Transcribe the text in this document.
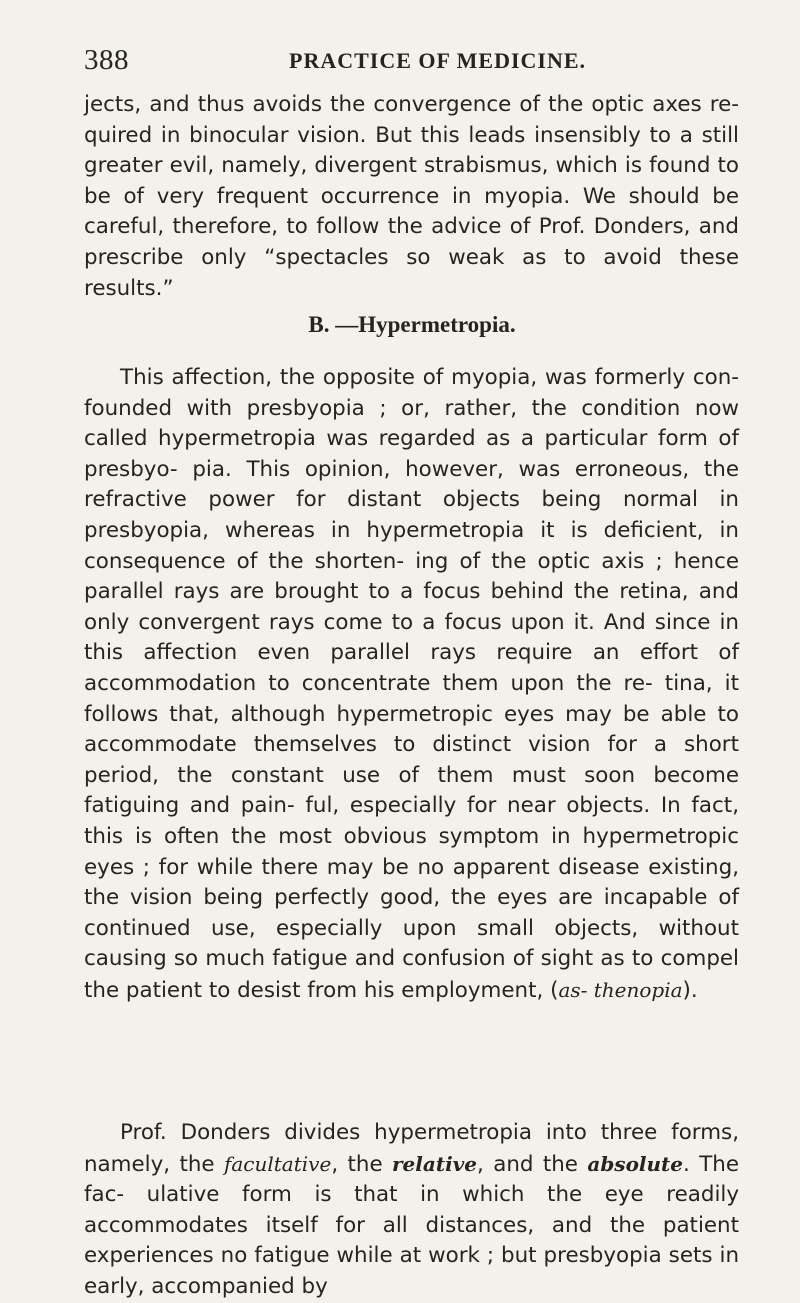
388	PRACTICE OF MEDICINE.

jects, and thus avoids the convergence of the optic axes re- quired in binocular vision. But this leads insensibly to a still greater evil, namely, divergent strabismus, which is found to be of very frequent occurrence in myopia. We should be careful, therefore, to follow the advice of Prof. Donders, and prescribe only “spectacles so weak as to avoid these results.”

B. —Hypermetropia.

This affection, the opposite of myopia, was formerly con- founded with presbyopia ; or, rather, the condition now called hypermetropia was regarded as a particular form of presbyo- pia. This opinion, however, was erroneous, the refractive power for distant objects being normal in presbyopia, whereas in hypermetropia it is deficient, in consequence of the shorten- ing of the optic axis ; hence parallel rays are brought to a focus behind the retina, and only convergent rays come to a focus upon it. And since in this affection even parallel rays require an effort of accommodation to concentrate them upon the re- tina, it follows that, although hypermetropic eyes may be able to accommodate themselves to distinct vision for a short period, the constant use of them must soon become fatiguing and pain- ful, especially for near objects. In fact, this is often the most obvious symptom in hypermetropic eyes ; for while there may be no apparent disease existing, the vision being perfectly good, the eyes are incapable of continued use, especially upon small objects, without causing so much fatigue and confusion of sight as to compel the patient to desist from his employment, (as- thenopia).

Prof. Donders divides hypermetropia into three forms, namely, the facultative, the relative, and the absolute. The fac- ulative form is that in which the eye readily accommodates itself for all distances, and the patient experiences no fatigue while at work ; but presbyopia sets in early, accompanied by
